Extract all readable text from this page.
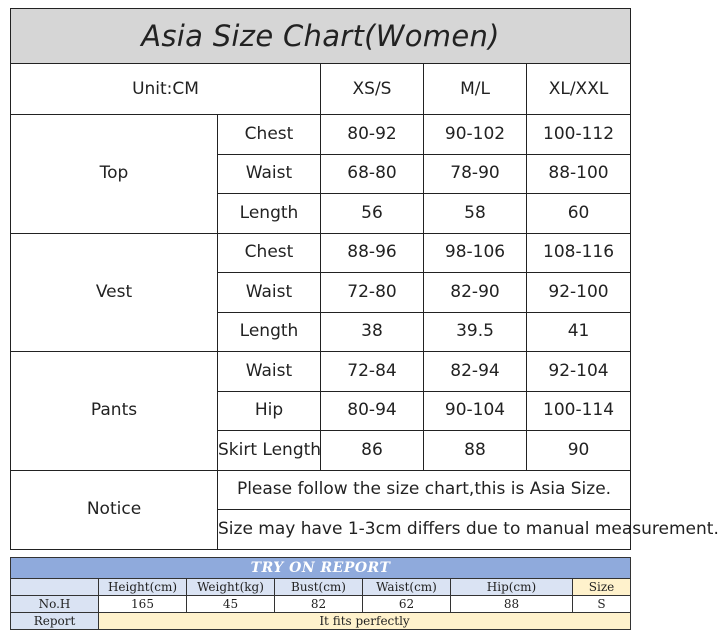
Asia Size Chart(Women)				
Unit:CM		XS/S	M/L	XL/XXL
Top	Chest	80-92	90-102	100-112
	Waist	68-80	78-90	88-100
	Length	56	58	60
Vest	Chest	88-96	98-106	108-116
	Waist	72-80	82-90	92-100
	Length	38	39.5	41
Pants	Waist	72-84	82-94	92-104
	Hip	80-94	90-104	100-114
	Skirt Length	86	88	90
Notice	Please follow the size chart,this is Asia Size.			
	Size may have 1-3cm differs due to manual measurement.			
TRY ON REPORT						
	Height(cm)	Weight(kg)	Bust(cm)	Waist(cm)	Hip(cm)	Size
No.H	165	45	82	62	88	S
Report	It fits perfectly					
